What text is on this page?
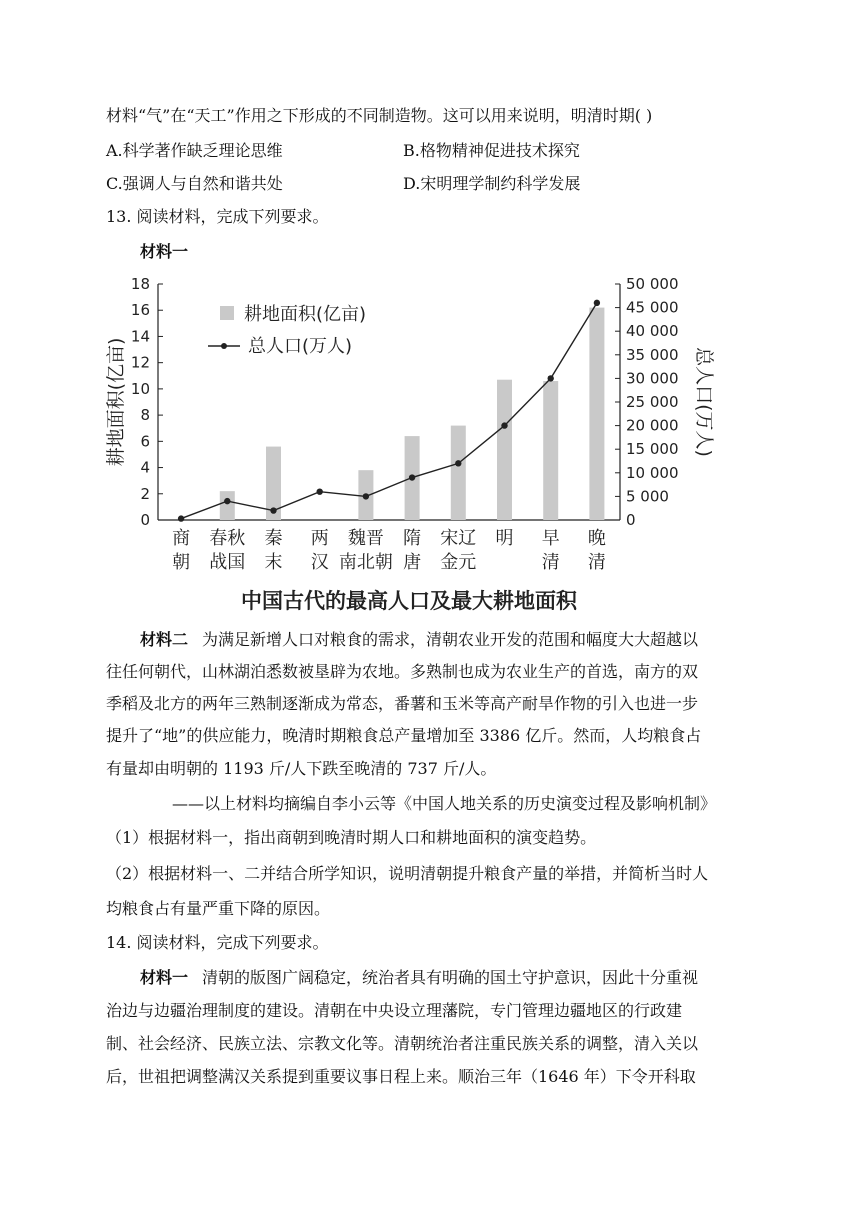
材料“气”在“天工”作用之下形成的不同制造物。这可以用来说明，明清时期( )
A.科学著作缺乏理论思维	B.格物精神促进技术探究
C.强调人与自然和谐共处	D.宋明理学制约科学发展
13. 阅读材料，完成下列要求。
材料一
0
2
4
6
8
10
12
14
16
18
0
5 000
10 000
15 000
20 000
25 000
30 000
35 000
40 000
45 000
50 000
耕地面积(亿亩)	总人口(万人)
耕地面积(亿亩)
总人口(万人)
商
朝
春秋
战国
秦
末
两
汉
魏晋
南北朝
隋
唐
宋辽
金元
明 早
清
晚
清
中国古代的最高人口及最大耕地面积
材料二 为满足新增人口对粮食的需求，清朝农业开发的范围和幅度大大超越以
往任何朝代，山林湖泊悉数被垦辟为农地。多熟制也成为农业生产的首选，南方的双
季稻及北方的两年三熟制逐渐成为常态，番薯和玉米等高产耐旱作物的引入也进一步
提升了“地”的供应能力，晚清时期粮食总产量增加至 3386 亿斤。然而，人均粮食占
有量却由明朝的 1193 斤/人下跌至晚清的 737 斤/人。
——以上材料均摘编自李小云等《中国人地关系的历史演变过程及影响机制》
（1）根据材料一，指出商朝到晚清时期人口和耕地面积的演变趋势。
（2）根据材料一、二并结合所学知识，说明清朝提升粮食产量的举措，并简析当时人
均粮食占有量严重下降的原因。
14. 阅读材料，完成下列要求。
材料一 清朝的版图广阔稳定，统治者具有明确的国土守护意识，因此十分重视
治边与边疆治理制度的建设。清朝在中央设立理藩院，专门管理边疆地区的行政建
制、社会经济、民族立法、宗教文化等。清朝统治者注重民族关系的调整，清入关以
后，世祖把调整满汉关系提到重要议事日程上来。顺治三年（1646 年）下令开科取
